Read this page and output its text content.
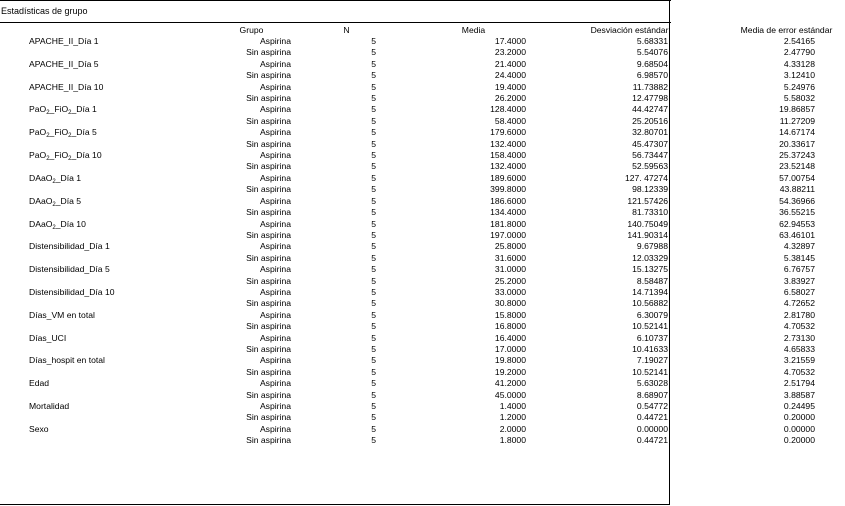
Estadísticas de grupo
	Grupo	N	Media	Desviación estándar	Media de error estándar
APACHE_II_Día 1	Aspirina	5	17.4000	5.68331	2.54165
	Sin aspirina	5	23.2000	5.54076	2.47790
APACHE_II_Día 5	Aspirina	5	21.4000	9.68504	4.33128
	Sin aspirina	5	24.4000	6.98570	3.12410
APACHE_II_Día 10	Aspirina	5	19.4000	11.73882	5.24976
	Sin aspirina	5	26.2000	12.47798	5.58032
PaO$_2$_FiO$_2$_Día 1	Aspirina	5	128.4000	44.42747	19.86857
	Sin aspirina	5	58.4000	25.20516	11.27209
PaO$_2$_FiO$_2$_Día 5	Aspirina	5	179.6000	32.80701	14.67174
	Sin aspirina	5	132.4000	45.47307	20.33617
PaO$_2$_FiO$_2$_Día 10	Aspirina	5	158.4000	56.73447	25.37243
	Sin aspirina	5	132.4000	52.59563	23.52148
DAaO$_2$_Día 1	Aspirina	5	189.6000	127. 47274	57.00754
	Sin aspirina	5	399.8000	98.12339	43.88211
DAaO$_2$_Día 5	Aspirina	5	186.6000	121.57426	54.36966
	Sin aspirina	5	134.4000	81.73310	36.55215
DAaO$_2$_Día 10	Aspirina	5	181.8000	140.75049	62.94553
	Sin aspirina	5	197.0000	141.90314	63.46101
Distensibilidad_Día 1	Aspirina	5	25.8000	9.67988	4.32897
	Sin aspirina	5	31.6000	12.03329	5.38145
Distensibilidad_Día 5	Aspirina	5	31.0000	15.13275	6.76757
	Sin aspirina	5	25.2000	8.58487	3.83927
Distensibilidad_Día 10	Aspirina	5	33.0000	14.71394	6.58027
	Sin aspirina	5	30.8000	10.56882	4.72652
Días_VM en total	Aspirina	5	15.8000	6.30079	2.81780
	Sin aspirina	5	16.8000	10.52141	4.70532
Días_UCI	Aspirina	5	16.4000	6.10737	2.73130
	Sin aspirina	5	17.0000	10.41633	4.65833
Días_hospit en total	Aspirina	5	19.8000	7.19027	3.21559
	Sin aspirina	5	19.2000	10.52141	4.70532
Edad	Aspirina	5	41.2000	5.63028	2.51794
	Sin aspirina	5	45.0000	8.68907	3.88587
Mortalidad	Aspirina	5	1.4000	0.54772	0.24495
	Sin aspirina	5	1.2000	0.44721	0.20000
Sexo	Aspirina	5	2.0000	0.00000	0.00000
	Sin aspirina	5	1.8000	0.44721	0.20000
